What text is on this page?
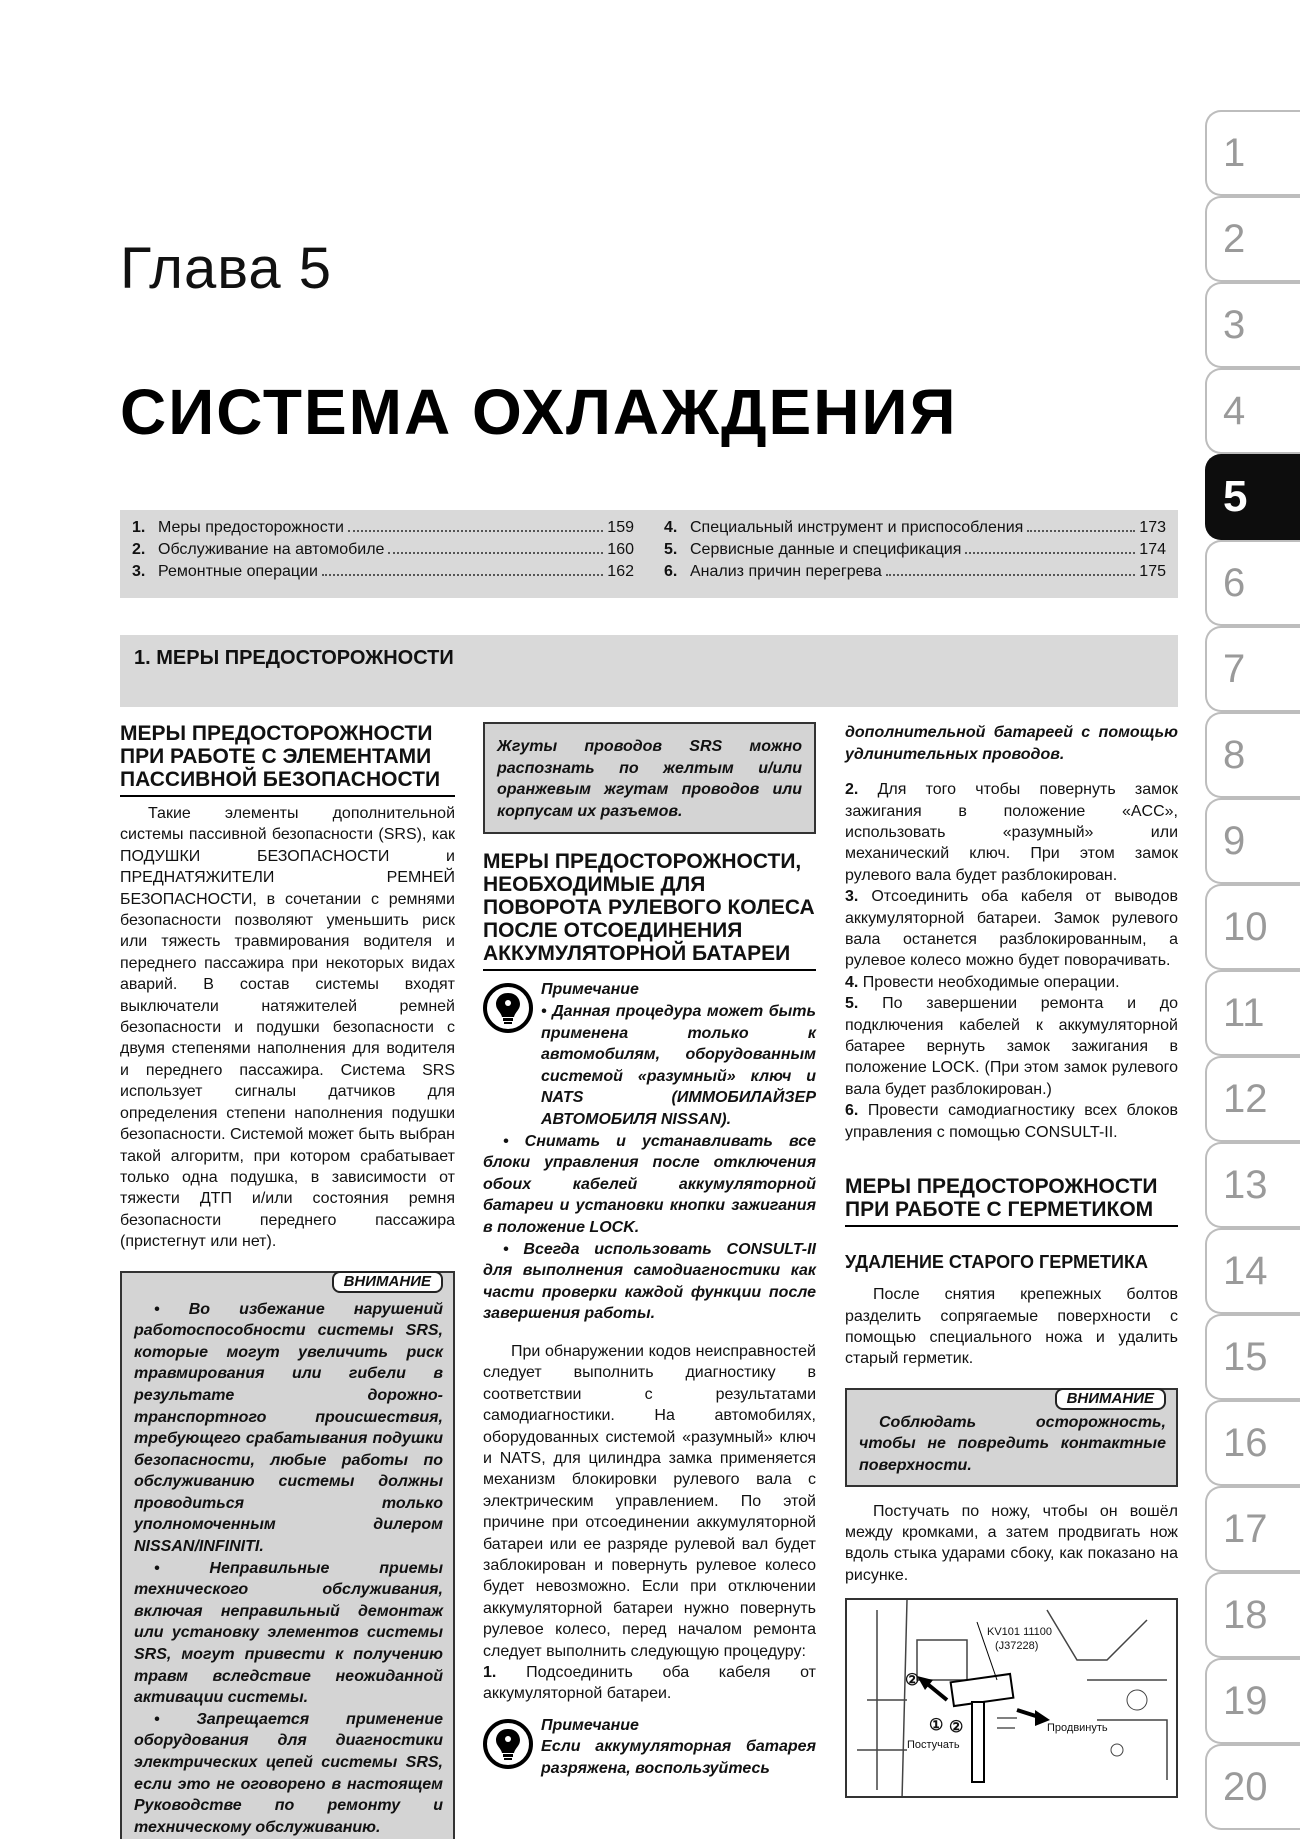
1
2
3
4
5
6
7
8
9
10
11
12
13
14
15
16
17
18
19
20
Глава 5
СИСТЕМА ОХЛАЖДЕНИЯ
1. Меры предосторожности	159
2. Обслуживание на автомобиле	160
3. Ремонтные операции	162
4. Специальный инструмент и приспособления	173
5. Сервисные данные и спецификация	174
6. Анализ причин перегрева	175
1. МЕРЫ ПРЕДОСТОРОЖНОСТИ
МЕРЫ ПРЕДОСТОРОЖНОСТИ ПРИ РАБОТЕ С ЭЛЕМЕНТАМИ ПАССИВНОЙ БЕЗОПАСНОСТИ

Такие элементы дополнительной системы пассивной безопасности (SRS), как ПОДУШКИ БЕЗОПАСНОСТИ и ПРЕДНАТЯЖИТЕЛИ РЕМНЕЙ БЕЗОПАСНОСТИ, в сочетании с ремнями безопасности позволяют уменьшить риск или тяжесть травмирования водителя и переднего пассажира при некоторых видах аварий. В состав системы входят выключатели натяжителей ремней безопасности и подушки безопасности с двумя степенями наполнения для водителя и переднего пассажира. Система SRS использует сигналы датчиков для определения степени наполнения подушки безопасности. Системой может быть выбран такой алгоритм, при котором срабатывает только одна подушка, в зависимости от тяжести ДТП и/или состояния ремня безопасности переднего пассажира (пристегнут или нет).

ВНИМАНИЕ

• Во избежание нарушений работоспособности системы SRS, которые могут увеличить риск травмирования или гибели в результате дорожно-транспортного происшествия, требующего срабатывания подушки безопасности, любые работы по обслуживанию системы должны проводиться только уполномоченным дилером NISSAN/INFINITI.

• Неправильные приемы технического обслуживания, включая неправильный демонтаж или установку элементов системы SRS, могут привести к получению травм вследствие неожиданной активации системы.

• Запрещается применение оборудования для диагностики электрических цепей системы SRS, если это не оговорено в настоящем Руководстве по ремонту и техническому обслуживанию.

Жгуты проводов SRS можно распознать по желтым и/или оранжевым жгутам проводов или корпусам их разъемов.
МЕРЫ ПРЕДОСТОРОЖНОСТИ, НЕОБХОДИМЫЕ ДЛЯ ПОВОРОТА РУЛЕВОГО КОЛЕСА ПОСЛЕ ОТСОЕДИНЕНИЯ АККУМУЛЯТОРНОЙ БАТАРЕИ
Примечание
• Данная процедура может быть применена только к автомобилям, оборудованным системой «разумный» ключ и NATS (ИММОБИЛАЙЗЕР АВТОМОБИЛЯ NISSAN).

• Снимать и устанавливать все блоки управления после отключения обоих кабелей аккумуляторной батареи и установки кнопки зажигания в положение LOCK.

• Всегда использовать CONSULT-II для выполнения самодиагностики как части проверки каждой функции после завершения работы.

При обнаружении кодов неисправностей следует выполнить диагностику в соответствии с результатами самодиагностики. На автомобилях, оборудованных системой «разумный» ключ и NATS, для цилиндра замка применяется механизм блокировки рулевого вала с электрическим управлением. По этой причине при отсоединении аккумуляторной батареи или ее разряде рулевой вал будет заблокирован и повернуть рулевое колесо будет невозможно. Если при отключении аккумуляторной батареи нужно повернуть рулевое колесо, перед началом ремонта следует выполнить следующую процедуру:

1. Подсоединить оба кабеля от аккумуляторной батареи.

Примечание
Если аккумуляторная батарея разряжена, воспользуйтесь

дополнительной батареей с помощью удлинительных проводов.

2. Для того чтобы повернуть замок зажигания в положение «ACC», использовать «разумный» или механический ключ. При этом замок рулевого вала будет разблокирован.

3. Отсоединить оба кабеля от выводов аккумуляторной батареи. Замок рулевого вала останется разблокированным, а рулевое колесо можно будет поворачивать.

4. Провести необходимые операции.

5. По завершении ремонта и до подключения кабелей к аккумуляторной батарее вернуть замок зажигания в положение LOCK. (При этом замок рулевого вала будет разблокирован.)

6. Провести самодиагностику всех блоков управления с помощью CONSULT-II.

МЕРЫ ПРЕДОСТОРОЖНОСТИ ПРИ РАБОТЕ С ГЕРМЕТИКОМ
УДАЛЕНИЕ СТАРОГО ГЕРМЕТИКА

После снятия крепежных болтов разделить сопрягаемые поверхности с помощью специального ножа и удалить старый герметик.

ВНИМАНИЕ

Соблюдать осторожность, чтобы не повредить контактные поверхности.

Постучать по ножу, чтобы он вошёл между кромками, а затем продвигать нож вдоль стыка ударами сбоку, как показано на рисунке.

KV101 11100
(J37228)
②
① ②
Постучать
Продвинуть
